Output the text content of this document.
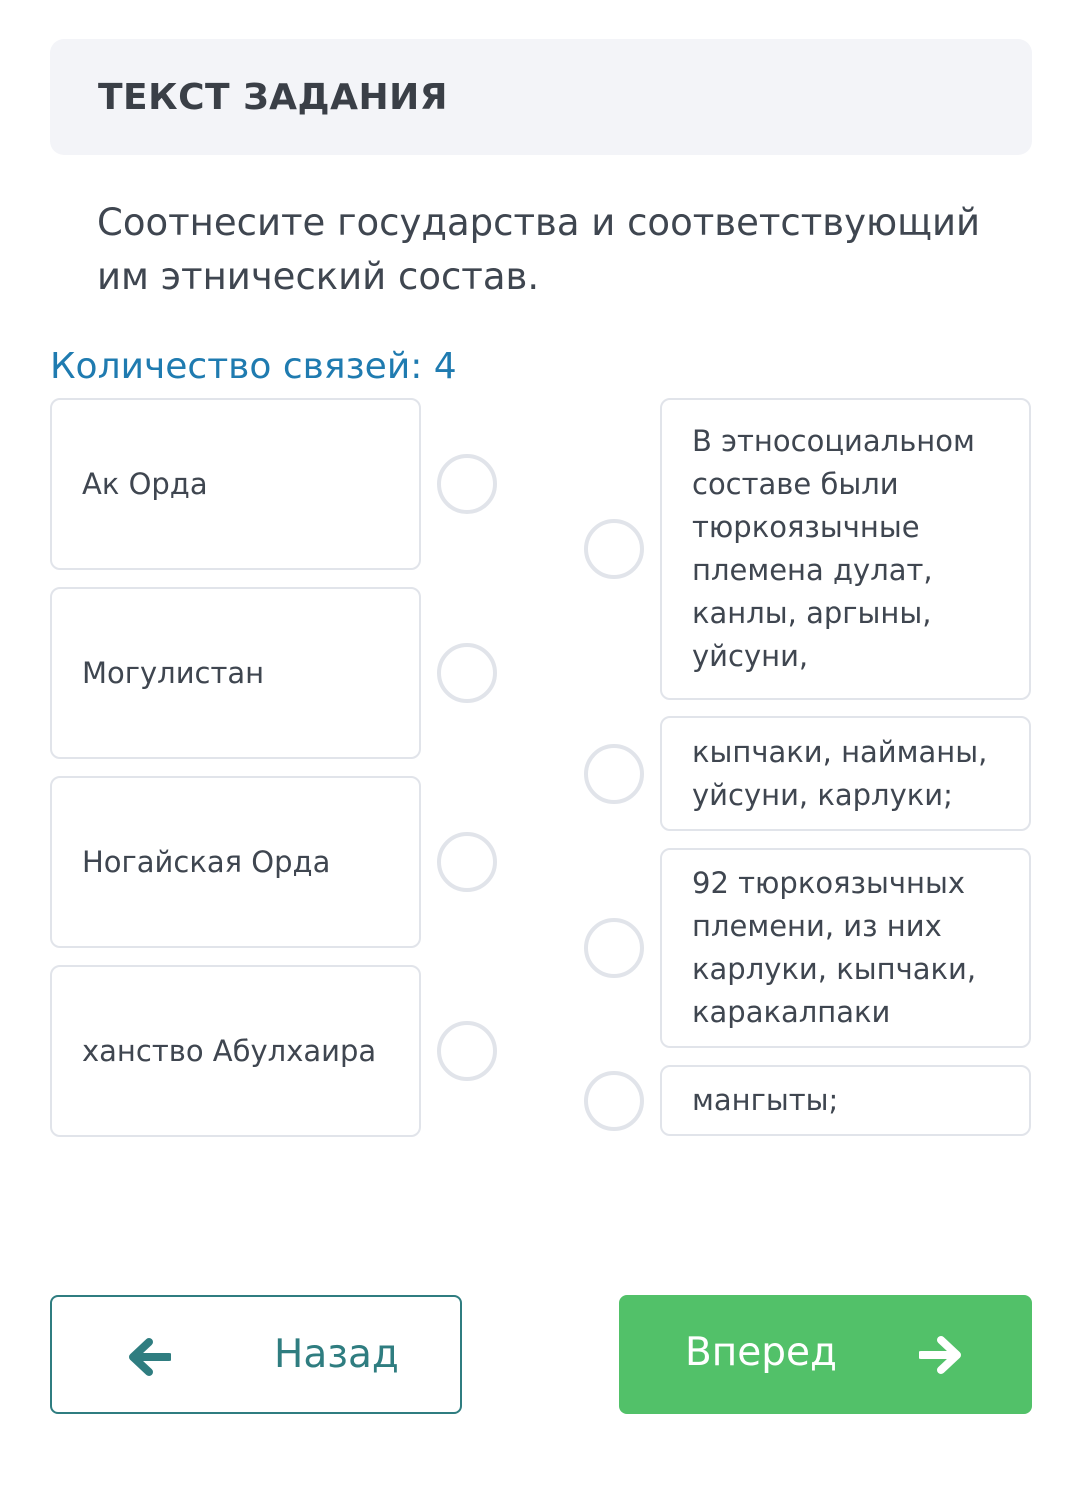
ТЕКСТ ЗАДАНИЯ
Соотнесите государства и соответствующий им этнический состав.
Количество связей: 4
Ак Орда
Могулистан
Ногайская Орда
ханство Абулхаира
В этносоциальном составе были тюркоязычные племена дулат, канлы, аргыны, уйсуни,
кыпчаки, найманы, уйсуни, карлуки;
92 тюркоязычных племени, из них карлуки, кыпчаки, каракалпаки
мангыты;
Назад	Вперед
